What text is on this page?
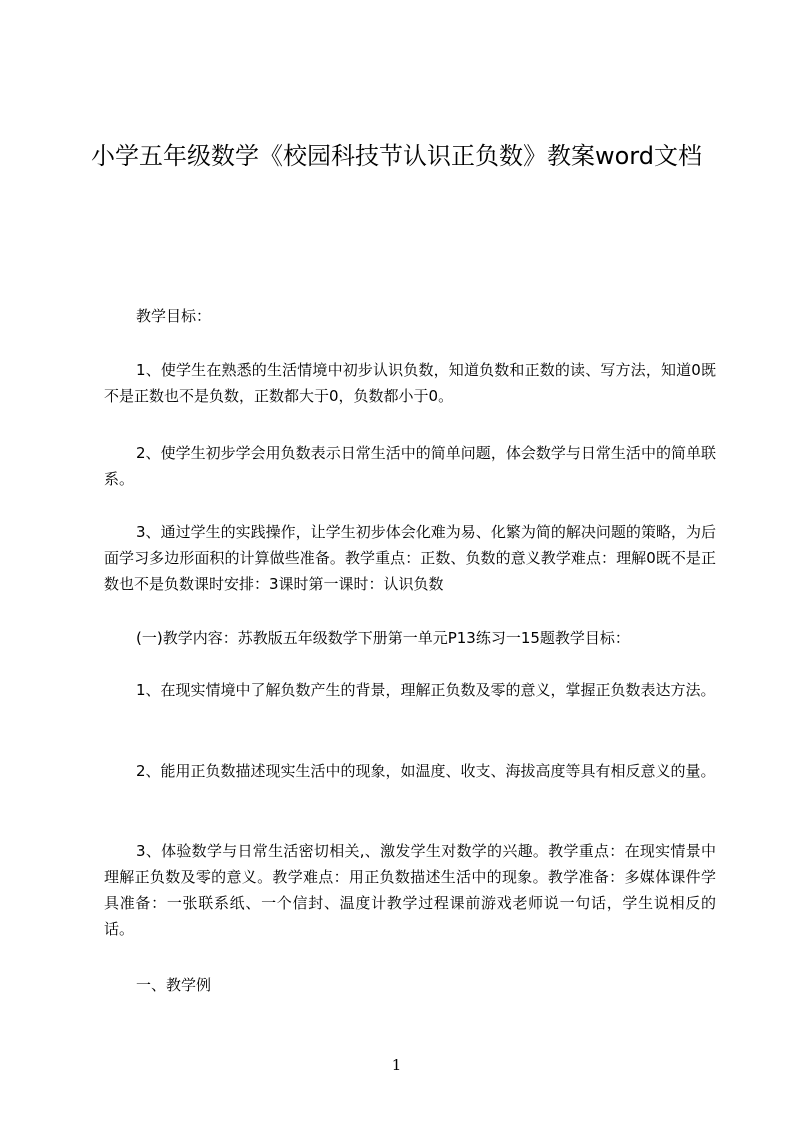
小学五年级数学《校园科技节认识正负数》教案word文档

教学目标：

1、使学生在熟悉的生活情境中初步认识负数，知道负数和正数的读、写方法，知道0既不是正数也不是负数，正数都大于0，负数都小于0。

2、使学生初步学会用负数表示日常生活中的简单问题，体会数学与日常生活中的简单联系。

3、通过学生的实践操作，让学生初步体会化难为易、化繁为简的解决问题的策略，为后面学习多边形面积的计算做些准备。教学重点：正数、负数的意义教学难点：理解0既不是正数也不是负数课时安排：3课时第一课时：认识负数

(一)教学内容：苏教版五年级数学下册第一单元P13练习一15题教学目标：

1、在现实情境中了解负数产生的背景，理解正负数及零的意义，掌握正负数表达方法。

2、能用正负数描述现实生活中的现象，如温度、收支、海拔高度等具有相反意义的量。

3、体验数学与日常生活密切相关,、激发学生对数学的兴趣。教学重点：在现实情景中理解正负数及零的意义。教学难点：用正负数描述生活中的现象。教学准备：多媒体课件学具准备：一张联系纸、一个信封、温度计教学过程课前游戏老师说一句话，学生说相反的话。

一、教学例

1
